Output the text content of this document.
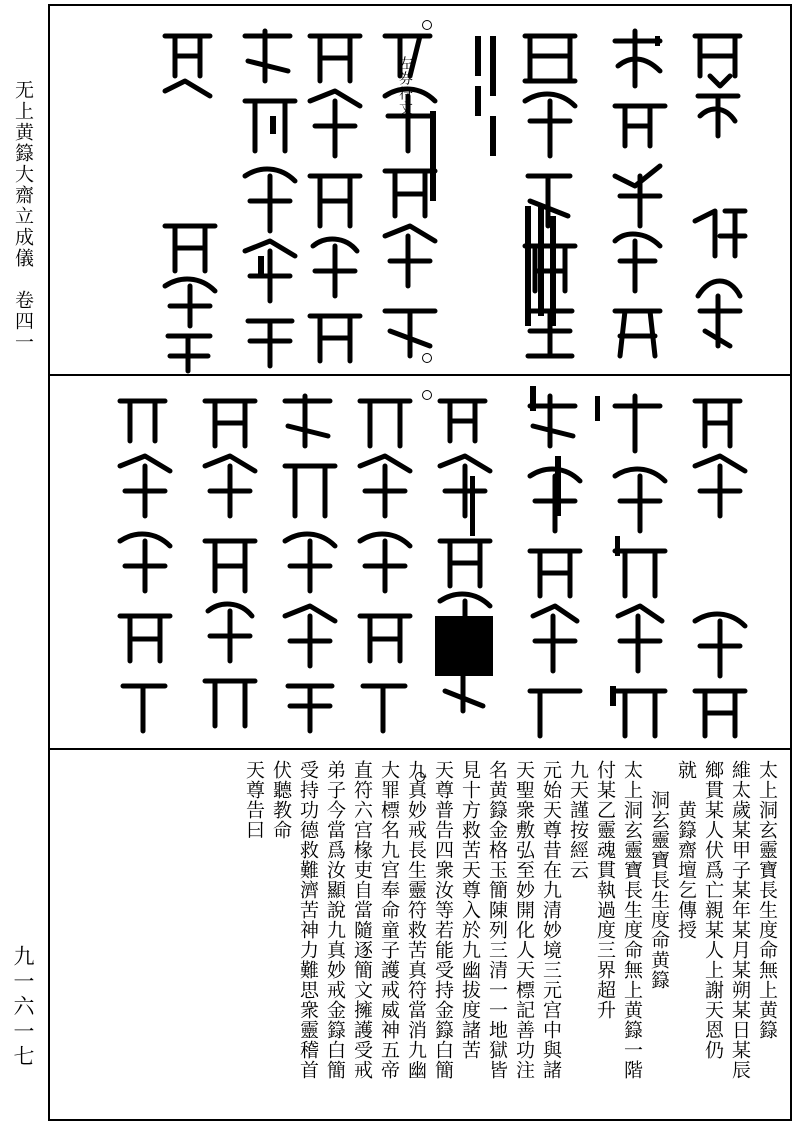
无上黄籙大齋立成儀　卷四一
九一六一七
左券符文
太上洞玄靈寶長生度命無上黄籙
維太歲某甲子某年某月某朔某日某辰
鄉貫某人伏爲亡親某人上謝天恩仍
就　黄籙齋壇乞傳授
洞玄靈寶長生度命黄籙
太上洞玄靈寶長生度命無上黄籙一階
付某乙靈魂貫執過度三界超升
九天謹按經云
元始天尊昔在九清妙境三元宫中與諸
天聖衆敷弘至妙開化人天標記善功注
名黄籙金格玉簡陳列三清一一地獄皆
見十方救苦天尊入於九幽拔度諸苦
天尊普告四衆汝等若能受持金籙白簡
九真妙戒長生靈符救苦真符當消九幽
大罪標名九宫奉命童子護戒威神五帝
直符六宫椽吏自當隨逐簡文擁護受戒
弟子今當爲汝顯說九真妙戒金籙白簡
受持功德救難濟苦神力難思衆靈稽首
伏聽教命
天尊告曰
